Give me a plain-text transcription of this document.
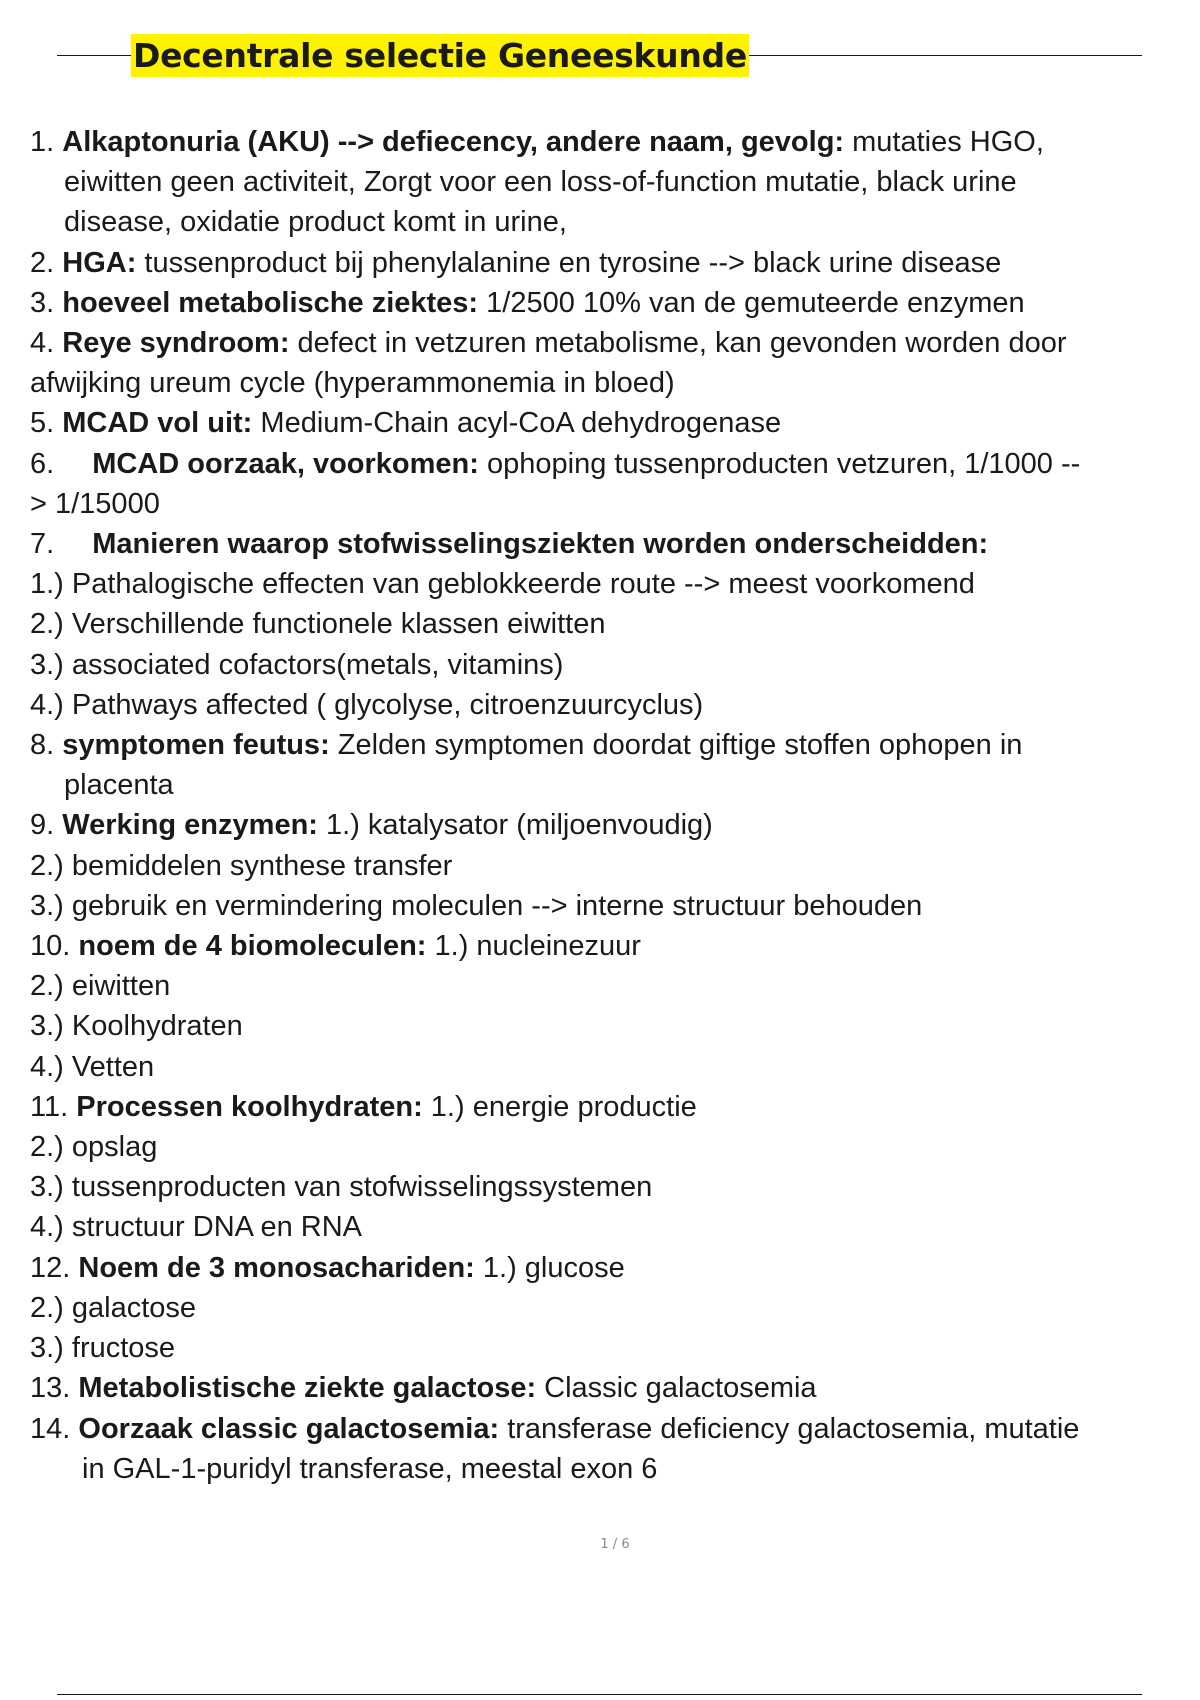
Decentrale selectie Geneeskunde
1. Alkaptonuria (AKU) --> defiecency, andere naam, gevolg: mutaties HGO,
eiwitten geen activiteit, Zorgt voor een loss-of-function mutatie, black urine
disease, oxidatie product komt in urine,
2. HGA: tussenproduct bij phenylalanine en tyrosine --> black urine disease
3. hoeveel metabolische ziektes: 1/2500 10% van de gemuteerde enzymen
4. Reye syndroom: defect in vetzuren metabolisme, kan gevonden worden door
afwijking ureum cycle (hyperammonemia in bloed)
5. MCAD vol uit: Medium-Chain acyl-CoA dehydrogenase
6. MCAD oorzaak, voorkomen: ophoping tussenproducten vetzuren, 1/1000 --
> 1/15000
7. Manieren waarop stofwisselingsziekten worden onderscheidden:
1.) Pathalogische effecten van geblokkeerde route --> meest voorkomend
2.) Verschillende functionele klassen eiwitten
3.) associated cofactors(metals, vitamins)
4.) Pathways affected ( glycolyse, citroenzuurcyclus)
8. symptomen feutus: Zelden symptomen doordat giftige stoffen ophopen in
placenta
9. Werking enzymen: 1.) katalysator (miljoenvoudig)
2.) bemiddelen synthese transfer
3.) gebruik en vermindering moleculen --> interne structuur behouden
10. noem de 4 biomoleculen: 1.) nucleinezuur
2.) eiwitten
3.) Koolhydraten
4.) Vetten
11. Processen koolhydraten: 1.) energie productie
2.) opslag
3.) tussenproducten van stofwisselingssystemen
4.) structuur DNA en RNA
12. Noem de 3 monosachariden: 1.) glucose
2.) galactose
3.) fructose
13. Metabolistische ziekte galactose: Classic galactosemia
14. Oorzaak classic galactosemia: transferase deficiency galactosemia, mutatie
in GAL-1-puridyl transferase, meestal exon 6
1 / 6
